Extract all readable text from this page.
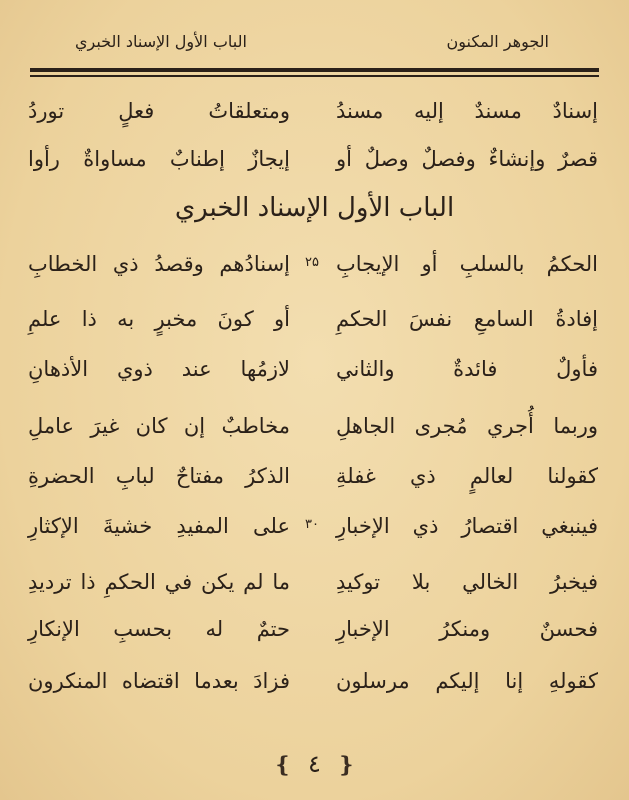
الجوهر المكنون
الباب الأول الإسناد الخبري
إسنادٌ مسندٌ إليه مسندُ
ومتعلقاتُ فعلٍ توردُ
قصرٌ وإنشاءٌ وفصلٌ وصلٌ أو
إيجازٌ إطنابٌ مساواةٌ رأوا
الباب الأول الإسناد الخبري
الحكمُ بالسلبِ أو الإيجابِ
۲۵
إسنادُهم وقصدُ ذي الخطابِ
إفادةُ السامعِ نفسَ الحكمِ
أو كونَ مخبرٍ به ذا علمِ
فأولٌ فائدةٌ والثاني
لازمُها عند ذوي الأذهانِ
وربما أُجري مُجرى الجاهلِ
مخاطبٌ إن كان غيرَ عاملِ
كقولنا لعالمٍ ذي غفلةِ
الذكرُ مفتاحٌ لبابِ الحضرةِ
فينبغي اقتصارُ ذي الإخبارِ
۳۰
على المفيدِ خشيةَ الإكثارِ
فيخبرُ الخالي بلا توكيدِ
ما لم يكن في الحكمِ ذا ترديدِ
فحسنٌ ومنكرُ الإخبارِ
حتمٌ له بحسبِ الإنكارِ
كقولهِ إنا إليكم مرسلون
فزادَ بعدما اقتضاه المنكرون
❴ ٤ ❵
